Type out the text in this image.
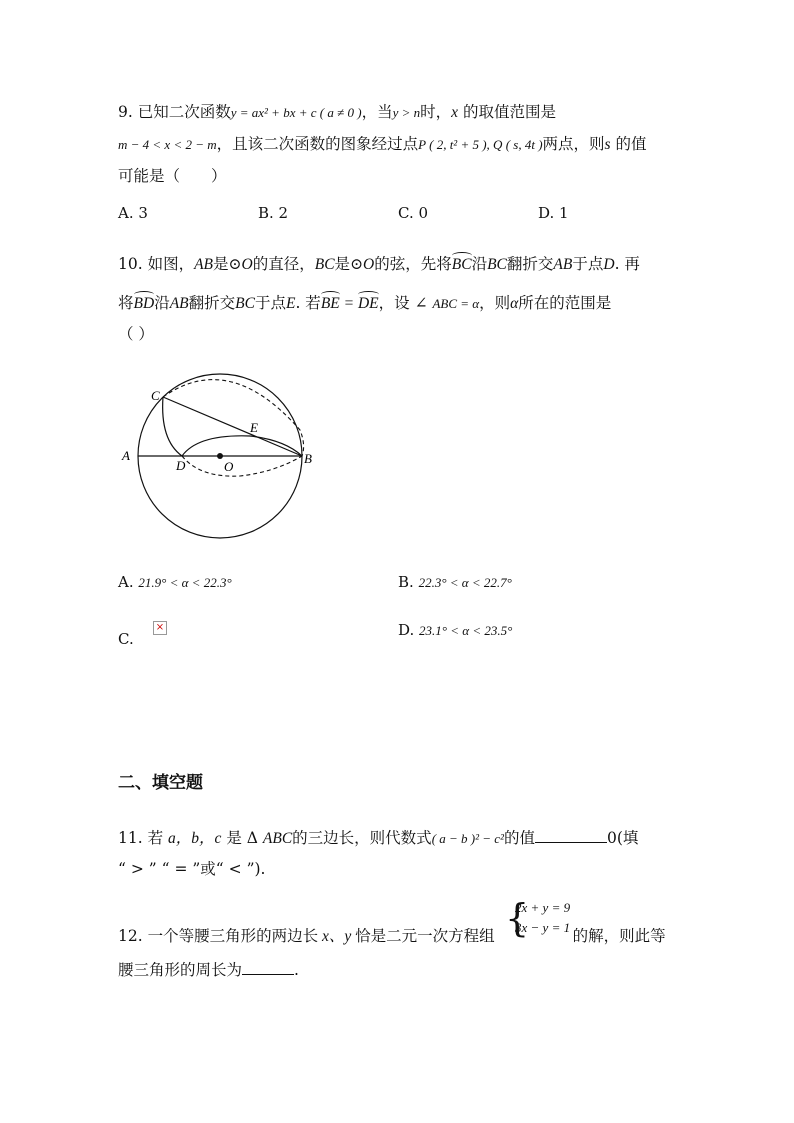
9. 已知二次函数y = ax² + bx + c ( a ≠ 0 )，当y > n时，x 的取值范围是
m − 4 < x < 2 − m，且该二次函数的图象经过点P ( 2, t² + 5 ), Q ( s, 4t )两点，则s 的值
可能是（　　）
A. 3	B. 2	C. 0	D. 1
10. 如图，AB是⊙O的直径，BC是⊙O的弦，先将BC沿BC翻折交AB于点D. 再
将BD沿AB翻折交BC于点E. 若BE = DE，设 ∠ ABC = α，则α所在的范围是
（ ）
C
E
A
D	O
B
A. 21.9° < α < 22.3°	B. 22.3° < α < 22.7°
C.
×	D. 23.1° < α < 23.5°
二、填空题
11. 若 a，b，c 是 Δ ABC的三边长，则代数式( a − b )² − c²的值	0(填
“ > ” “ = ”或“ < ”).
12. 一个等腰三角形的两边长 x、y 恰是二元一次方程组	的解，则此等
{
2x + y = 9
3x − y = 1
腰三角形的周长为	.
